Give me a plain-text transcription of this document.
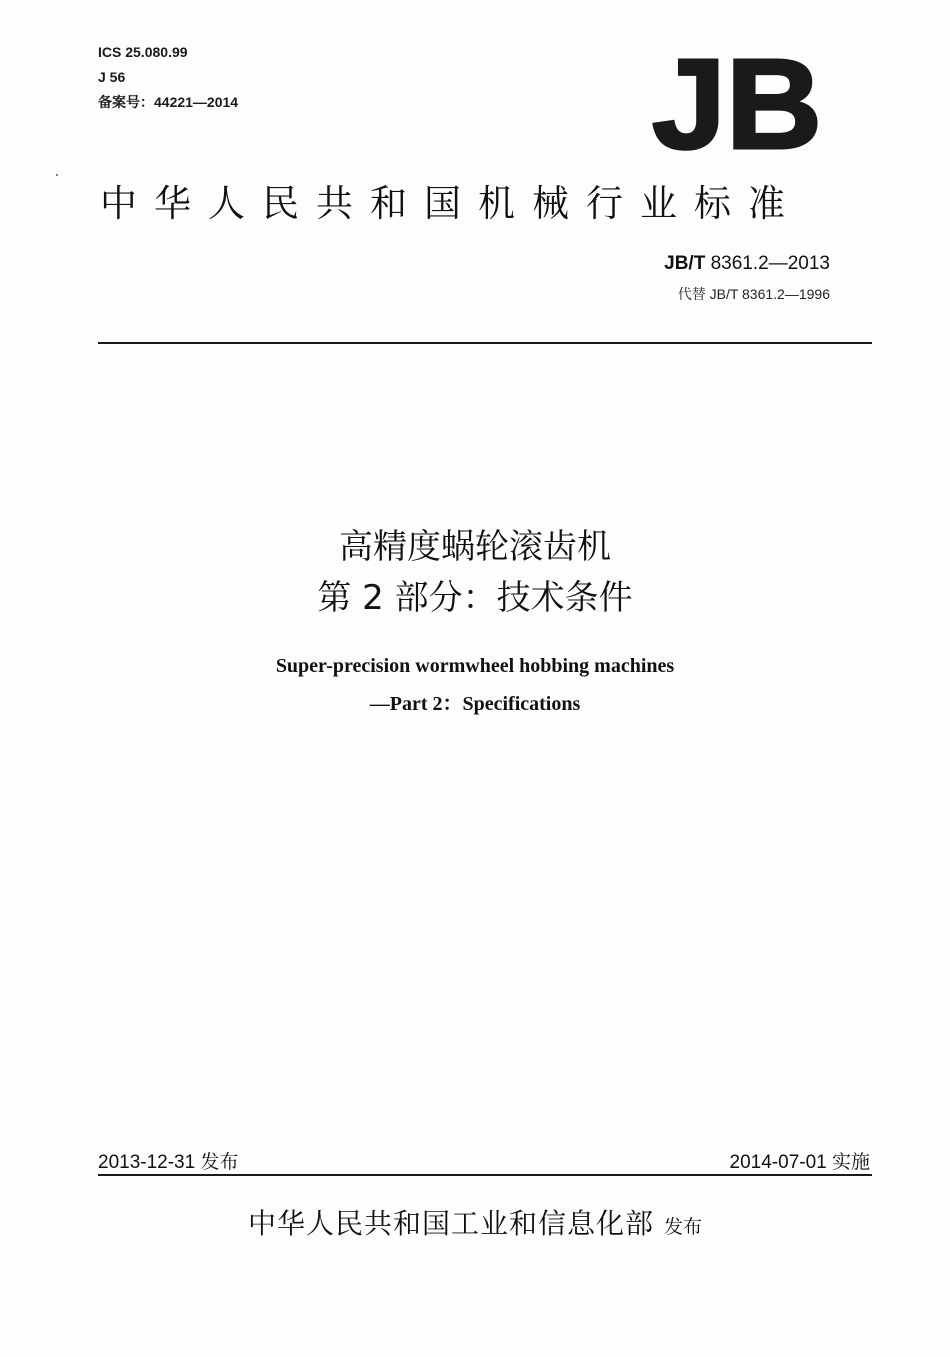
ICS 25.080.99
J 56
备案号：44221—2014	JB
中华人民共和国机械行业标准
JB/T 8361.2—2013
代替 JB/T 8361.2—1996
高精度蜗轮滚齿机
第 2 部分：技术条件
Super-precision wormwheel hobbing machines
—Part 2：Specifications
2013-12-31 发布	2014-07-01 实施
中华人民共和国工业和信息化部 发布
